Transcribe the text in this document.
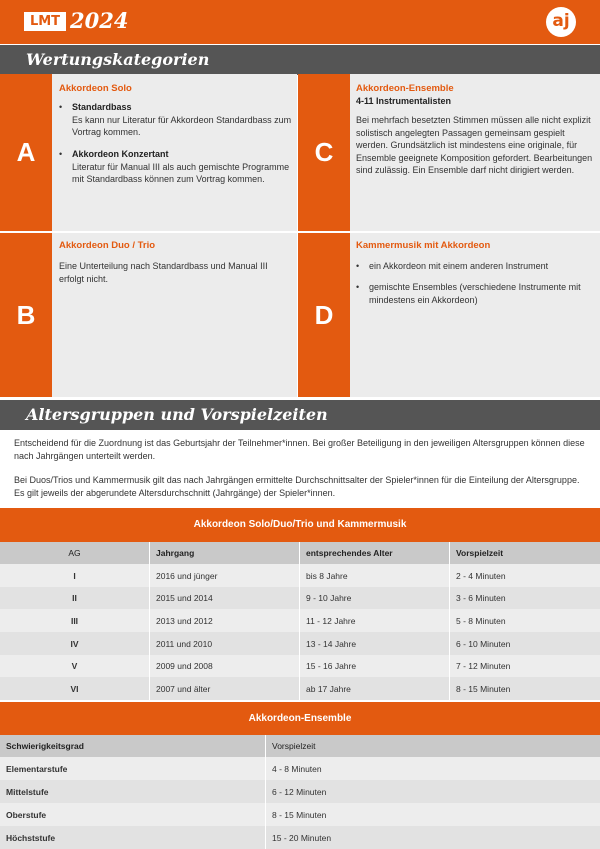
LMT 2024	aj
Wertungskategorien
A
Akkordeon Solo
• Standardbass
Es kann nur Literatur für Akkordeon Standardbass zum Vortrag kommen.
• Akkordeon Konzertant
Literatur für Manual III als auch gemischte Programme mit Standardbass können zum Vortrag kommen.
C
Akkordeon-Ensemble
4-11 Instrumentalisten
Bei mehrfach besetzten Stimmen müssen alle nicht explizit solistisch angelegten Passagen gemeinsam gespielt werden. Grundsätzlich ist mindestens eine originale, für Ensemble geeignete Komposition gefordert. Bearbeitungen sind zulässig. Ein Ensemble darf nicht dirigiert werden.
B
Akkordeon Duo / Trio
Eine Unterteilung nach Standardbass und Manual III erfolgt nicht.
D
Kammermusik mit Akkordeon
• ein Akkordeon mit einem anderen Instrument
• gemischte Ensembles (verschiedene Instrumente mit mindestens ein Akkordeon)
Altersgruppen und Vorspielzeiten
Entscheidend für die Zuordnung ist das Geburtsjahr der Teilnehmer*innen. Bei großer Beteiligung in den jeweiligen Altersgruppen können diese nach Jahrgängen unterteilt werden.
Bei Duos/Trios und Kammermusik gilt das nach Jahrgängen ermittelte Durchschnittsalter der Spieler*innen für die Einteilung der Altersgruppe. Es gilt jeweils der abgerundete Altersdurchschnitt (Jahrgänge) der Spieler*innen.
Akkordeon Solo/Duo/Trio und Kammermusik
AG	Jahrgang	entsprechendes Alter	Vorspielzeit
I	2016 und jünger	bis 8 Jahre	2 - 4 Minuten
II	2015 und 2014	9 - 10 Jahre	3 - 6 Minuten
III	2013 und 2012	11 - 12 Jahre	5 - 8 Minuten
IV	2011 und 2010	13 - 14 Jahre	6 - 10 Minuten
V	2009 und 2008	15 - 16 Jahre	7 - 12 Minuten
VI	2007 und älter	ab 17 Jahre	8 - 15 Minuten
Akkordeon-Ensemble
Schwierigkeitsgrad	Vorspielzeit
Elementarstufe	4 - 8 Minuten
Mittelstufe	6 - 12 Minuten
Oberstufe	8 - 15 Minuten
Höchststufe	15 - 20 Minuten
